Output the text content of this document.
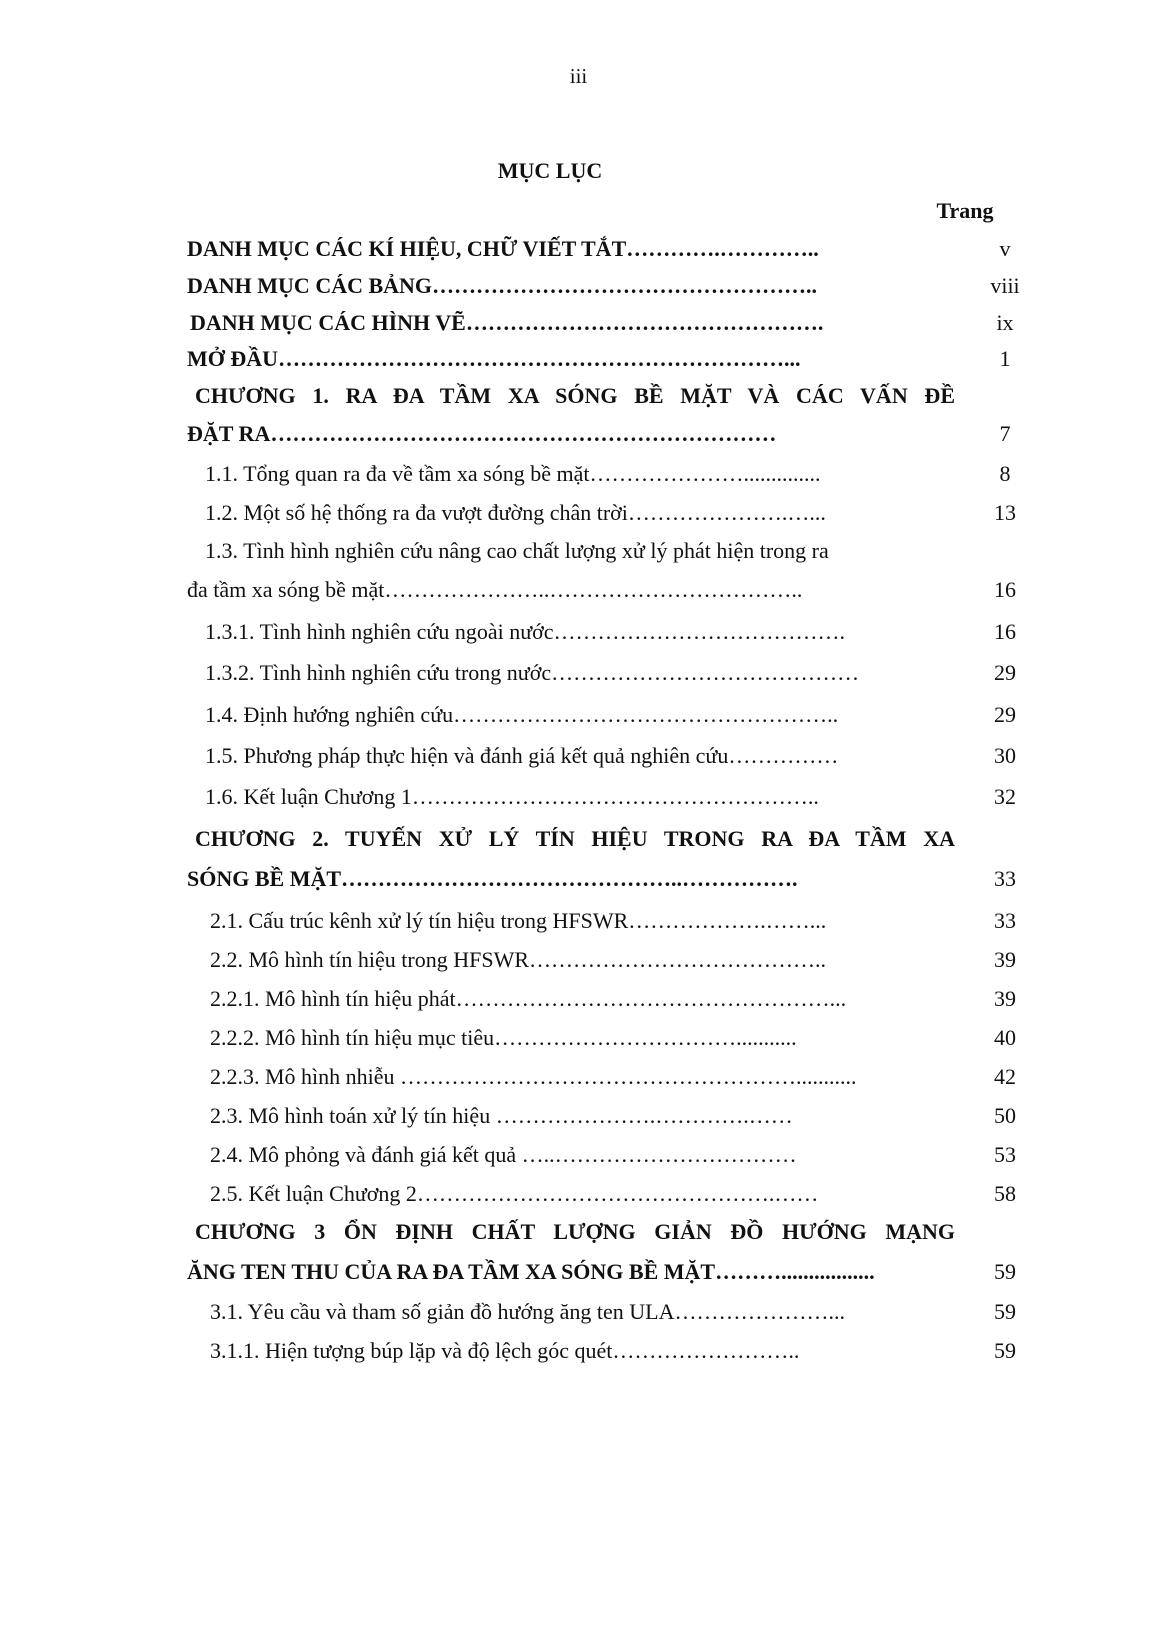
iii
MỤC LỤC
Trang
DANH MỤC CÁC KÍ HIỆU, CHỮ VIẾT TẮT………….…………..	v
DANH MỤC CÁC BẢNG……………………………………………..	viii
DANH MỤC CÁC HÌNH VẼ………………………………………….	ix
MỞ ĐẦU……………………………………………………………...	1
CHƯƠNG 1. RA ĐA TẦM XA SÓNG BỀ MẶT VÀ CÁC VẤN ĐỀ
ĐẶT RA……………………………………………………………	7
1.1. Tổng quan ra đa về tầm xa sóng bề mặt…………………..............	8
1.2. Một số hệ thống ra đa vượt đường chân trời………………….…...	13
1.3. Tình hình nghiên cứu nâng cao chất lượng xử lý phát hiện trong ra
đa tầm xa sóng bề mặt…………………..……………………………..	16
1.3.1. Tình hình nghiên cứu ngoài nước………………………………….	16
1.3.2. Tình hình nghiên cứu trong nước……………………………………	29
1.4. Định hướng nghiên cứu……………………………………………..	29
1.5. Phương pháp thực hiện và đánh giá kết quả nghiên cứu……………	30
1.6. Kết luận Chương 1………………………………………………..	32
CHƯƠNG 2. TUYẾN XỬ LÝ TÍN HIỆU TRONG RA ĐA TẦM XA
SÓNG BỀ MẶT………………………………………..…………….	33
2.1. Cấu trúc kênh xử lý tín hiệu trong HFSWR……………….……...	33
2.2. Mô hình tín hiệu trong HFSWR…………………………………..	39
2.2.1. Mô hình tín hiệu phát……………………………………………...	39
2.2.2. Mô hình tín hiệu mục tiêu……………………………...........	40
2.2.3. Mô hình nhiễu ………………………………………………...........	42
2.3. Mô hình toán xử lý tín hiệu ………………….………….……	50
2.4. Mô phỏng và đánh giá kết quả …..……………………………	53
2.5. Kết luận Chương 2………………………………………….……	58
CHƯƠNG 3 ỔN ĐỊNH CHẤT LƯỢNG GIẢN ĐỒ HƯỚNG MẠNG
ĂNG TEN THU CỦA RA ĐA TẦM XA SÓNG BỀ MẶT……….................	59
3.1. Yêu cầu và tham số giản đồ hướng ăng ten ULA…………………...	59
3.1.1. Hiện tượng búp lặp và độ lệch góc quét……………………..	59
